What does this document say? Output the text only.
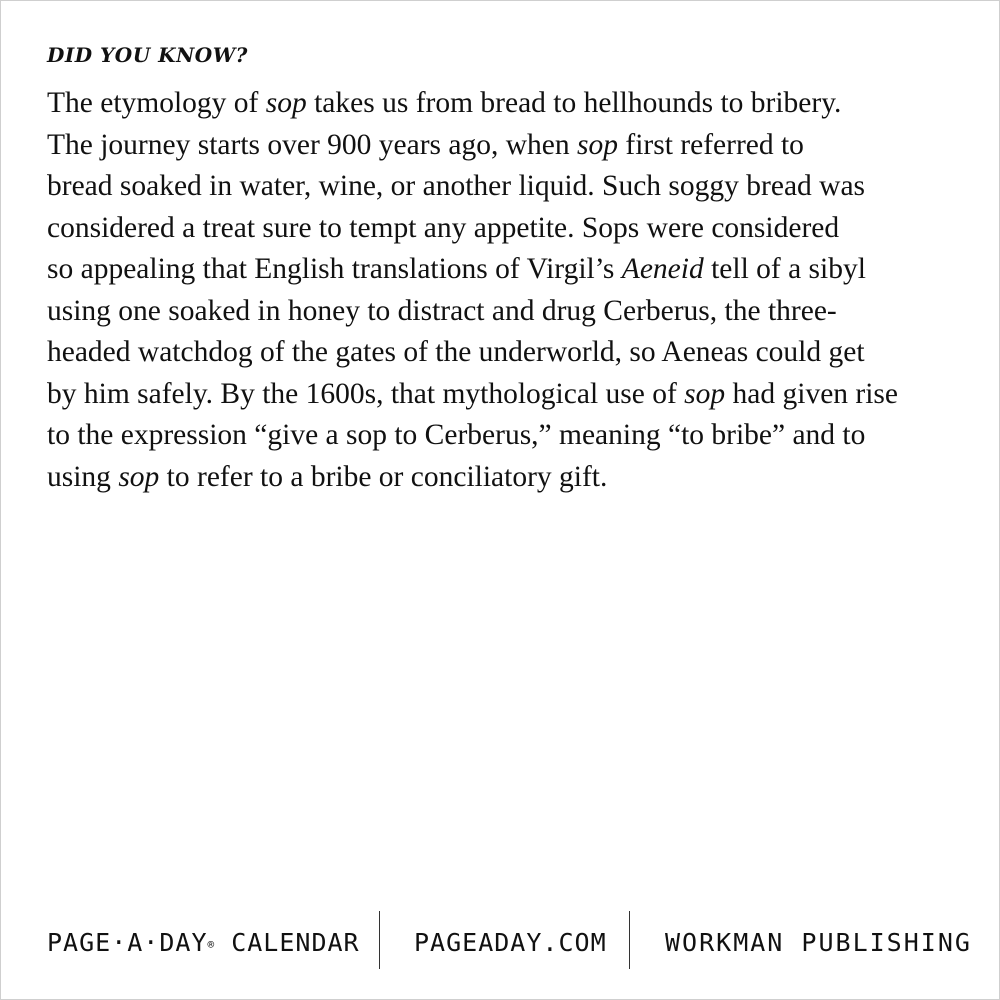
DID YOU KNOW?
The etymology of sop takes us from bread to hellhounds to bribery.
The journey starts over 900 years ago, when sop first referred to
bread soaked in water, wine, or another liquid. Such soggy bread was
considered a treat sure to tempt any appetite. Sops were considered
so appealing that English translations of Virgil’s Aeneid tell of a sibyl
using one soaked in honey to distract and drug Cerberus, the three-
headed watchdog of the gates of the underworld, so Aeneas could get
by him safely. By the 1600s, that mythological use of sop had given rise
to the expression “give a sop to Cerberus,” meaning “to bribe” and to
using sop to refer to a bribe or conciliatory gift.
PAGE·A·DAY® CALENDAR PAGEADAY.COM WORKMAN PUBLISHING
